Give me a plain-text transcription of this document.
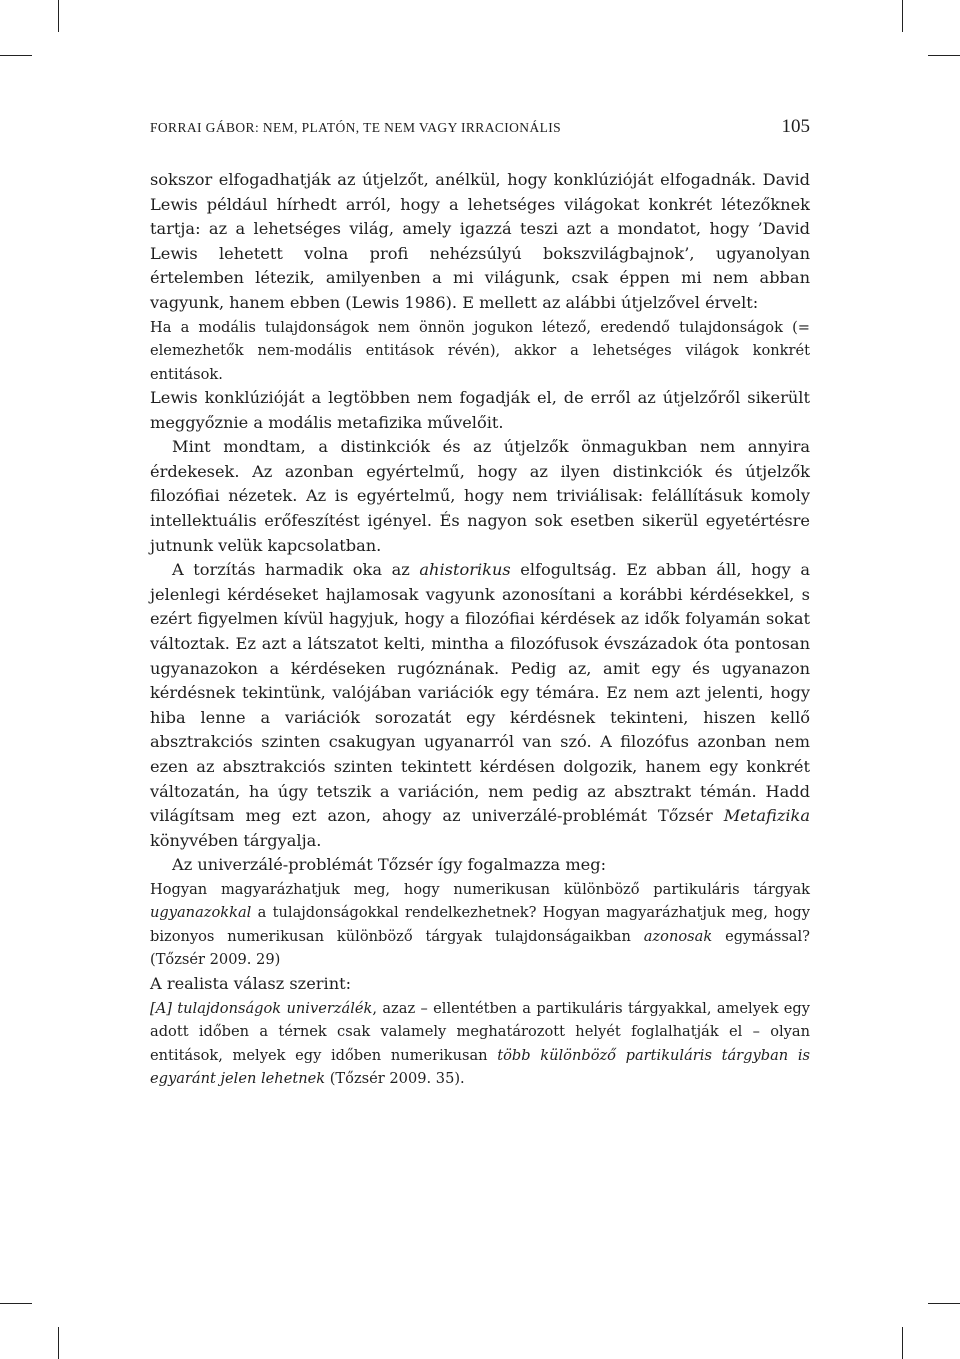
FORRAI GÁBOR: NEM, PLATÓN, TE NEM VAGY IRRACIONÁLIS	105

sokszor elfogadhatják az útjelzőt, anélkül, hogy konklúzióját elfogadnák. David Lewis például hírhedt arról, hogy a lehetséges világokat konkrét létezőknek tartja: az a lehetséges világ, amely igazzá teszi azt a mondatot, hogy ’David Lewis lehetett volna profi nehézsúlyú bokszvilágbajnok’, ugyanolyan értelemben létezik, amilyenben a mi világunk, csak éppen mi nem abban vagyunk, hanem ebben (Lewis 1986). E mellett az alábbi útjelzővel érvelt:

Ha a modális tulajdonságok nem önnön jogukon létező, eredendő tulajdonságok (= elemezhetők nem-modális entitások révén), akkor a lehetséges világok konkrét entitások.

Lewis konklúzióját a legtöbben nem fogadják el, de erről az útjelzőről sikerült meggyőznie a modális metafizika művelőit.

Mint mondtam, a distinkciók és az útjelzők önmagukban nem annyira érdekesek. Az azonban egyértelmű, hogy az ilyen distinkciók és útjelzők filozófiai nézetek. Az is egyértelmű, hogy nem triviálisak: felállításuk komoly intellektuális erőfeszítést igényel. És nagyon sok esetben sikerül egyetértésre jutnunk velük kapcsolatban.

A torzítás harmadik oka az ahistorikus elfogultság. Ez abban áll, hogy a jelenlegi kérdéseket hajlamosak vagyunk azonosítani a korábbi kérdésekkel, s ezért figyelmen kívül hagyjuk, hogy a filozófiai kérdések az idők folyamán sokat változtak. Ez azt a látszatot kelti, mintha a filozófusok évszázadok óta pontosan ugyanazokon a kérdéseken rugóznának. Pedig az, amit egy és ugyanazon kérdésnek tekintünk, valójában variációk egy témára. Ez nem azt jelenti, hogy hiba lenne a variációk sorozatát egy kérdésnek tekinteni, hiszen kellő absztrakciós szinten csakugyan ugyanarról van szó. A filozófus azonban nem ezen az absztrakciós szinten tekintett kérdésen dolgozik, hanem egy konkrét változatán, ha úgy tetszik a variáción, nem pedig az absztrakt témán. Hadd világítsam meg ezt azon, ahogy az univerzálé-problémát Tőzsér Metafizika könyvében tárgyalja.

Az univerzálé-problémát Tőzsér így fogalmazza meg:

Hogyan magyarázhatjuk meg, hogy numerikusan különböző partikuláris tárgyak ugyanazokkal a tulajdonságokkal rendelkezhetnek? Hogyan magyarázhatjuk meg, hogy bizonyos numerikusan különböző tárgyak tulajdonságaikban azonosak egymással? (Tőzsér 2009. 29)

A realista válasz szerint:

[A] tulajdonságok univerzálék, azaz – ellentétben a partikuláris tárgyakkal, amelyek egy adott időben a térnek csak valamely meghatározott helyét foglalhatják el – olyan entitások, melyek egy időben numerikusan több különböző partikuláris tárgyban is egyaránt jelen lehetnek (Tőzsér 2009. 35).
